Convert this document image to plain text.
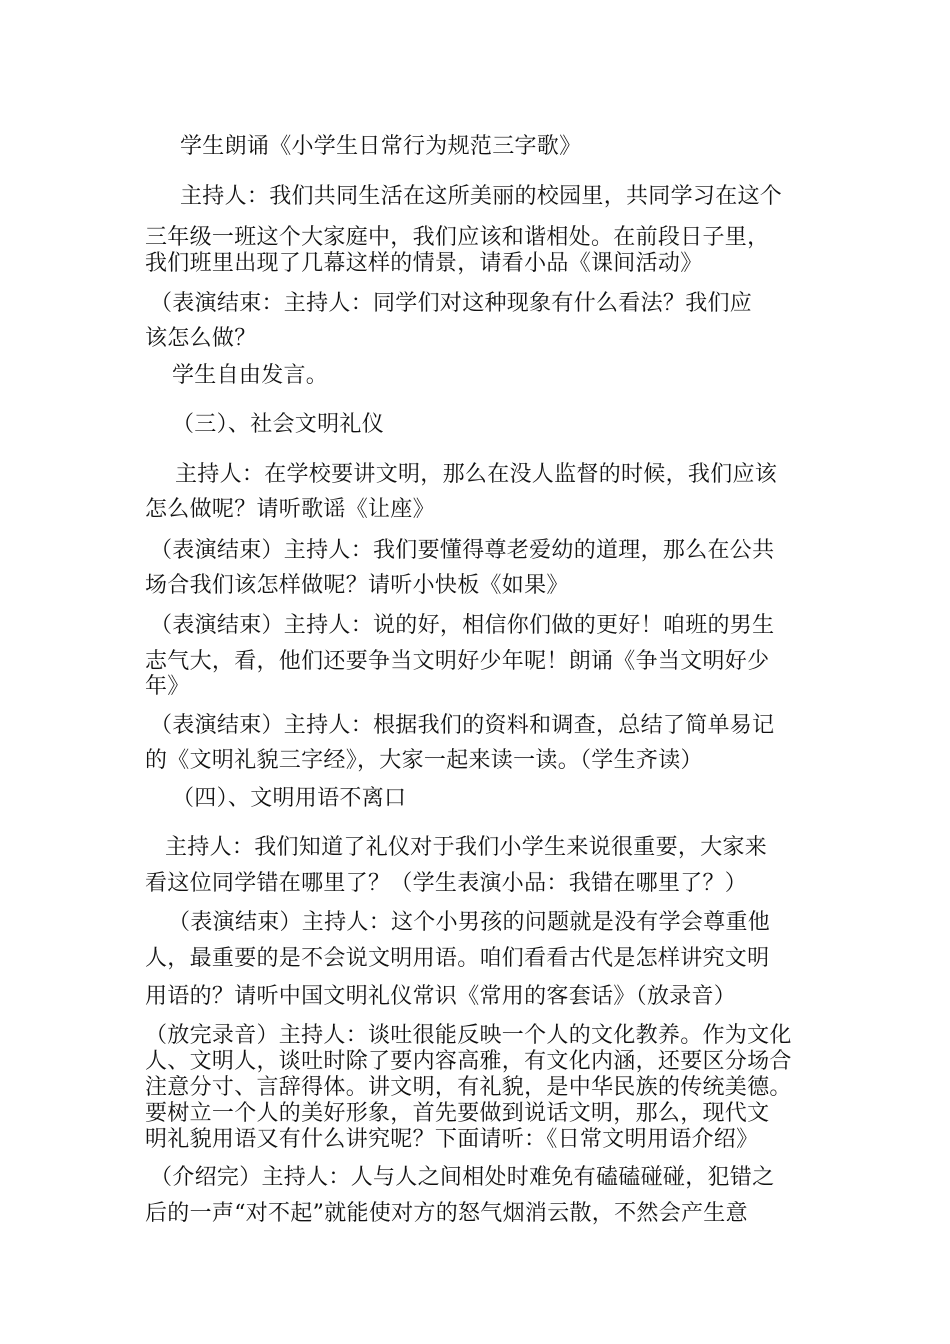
学生朗诵《小学生日常行为规范三字歌》
主持人：我们共同生活在这所美丽的校园里，共同学习在这个
三年级一班这个大家庭中，我们应该和谐相处。在前段日子里，
我们班里出现了几幕这样的情景，请看小品《课间活动》
（表演结束：主持人：同学们对这种现象有什么看法？我们应
该怎么做？
学生自由发言。
（三）、社会文明礼仪
主持人：在学校要讲文明，那么在没人监督的时候，我们应该
怎么做呢？请听歌谣《让座》
（表演结束）主持人：我们要懂得尊老爱幼的道理，那么在公共
场合我们该怎样做呢？请听小快板《如果》
（表演结束）主持人：说的好，相信你们做的更好！咱班的男生
志气大，看，他们还要争当文明好少年呢！朗诵《争当文明好少
年》
（表演结束）主持人：根据我们的资料和调查，总结了简单易记
的《文明礼貌三字经》，大家一起来读一读。（学生齐读）
（四）、文明用语不离口
主持人：我们知道了礼仪对于我们小学生来说很重要，大家来
看这位同学错在哪里了？（学生表演小品：我错在哪里了？）
（表演结束）主持人：这个小男孩的问题就是没有学会尊重他
人，最重要的是不会说文明用语。咱们看看古代是怎样讲究文明
用语的？请听中国文明礼仪常识《常用的客套话》（放录音）
（放完录音）主持人：谈吐很能反映一个人的文化教养。作为文化
人、文明人，谈吐时除了要内容高雅，有文化内涵，还要区分场合
注意分寸、言辞得体。讲文明，有礼貌，是中华民族的传统美德。
要树立一个人的美好形象，首先要做到说话文明，那么，现代文
明礼貌用语又有什么讲究呢？下面请听：《日常文明用语介绍》
（介绍完）主持人：人与人之间相处时难免有磕磕碰碰，犯错之
后的一声“对不起”就能使对方的怒气烟消云散，不然会产生意
